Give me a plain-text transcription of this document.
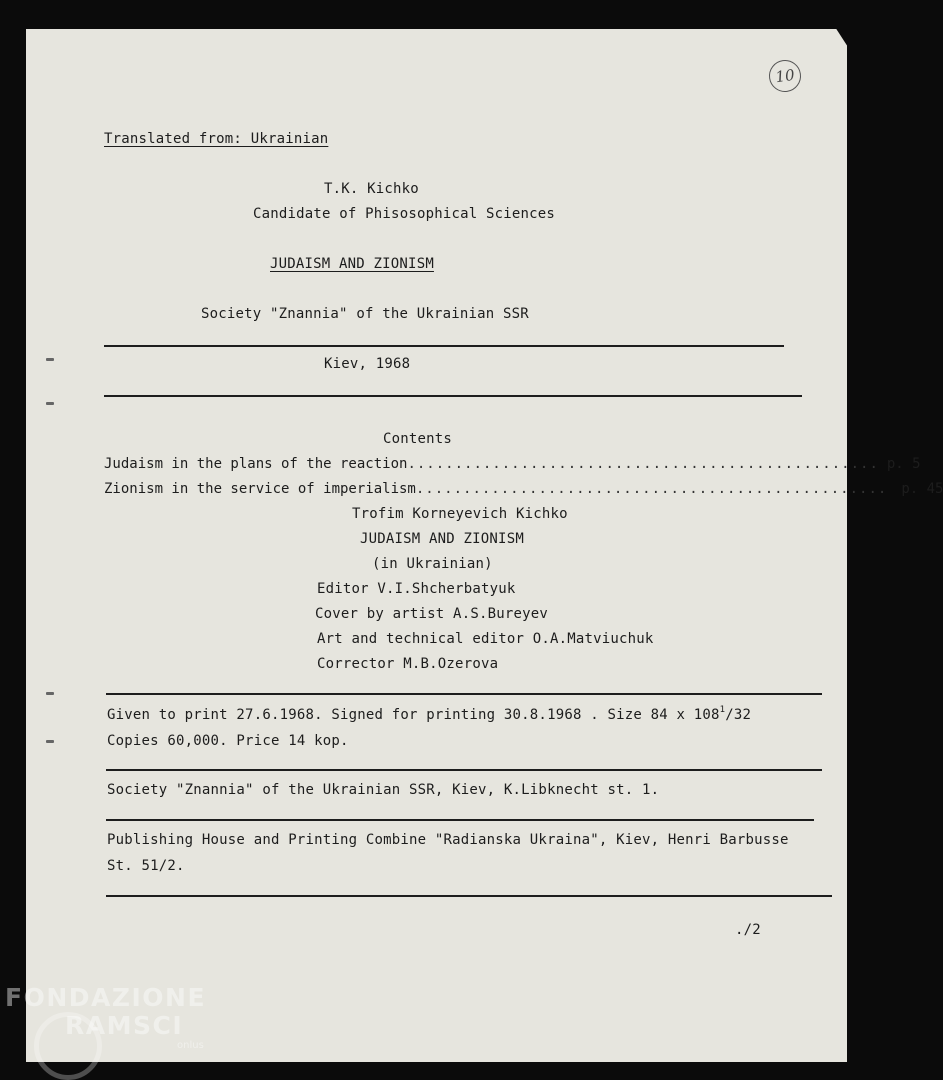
10
Translated from: Ukrainian
T.K. Kichko
Candidate of Phisosophical Sciences
JUDAISM AND ZIONISM
Society "Znannia" of the Ukrainian SSR
Kiev, 1968
Contents
Judaism in the plans of the reaction .................................................. p. 5
Zionism in the service of imperialism .................................................. p. 45
Trofim Korneyevich Kichko
JUDAISM AND ZIONISM
(in Ukrainian)
Editor V.I.Shcherbatyuk
Cover by artist A.S.Bureyev
Art and technical editor O.A.Matviuchuk
Corrector M.B.Ozerova
Given to print 27.6.1968. Signed for printing 30.8.1968 . Size 84 x $108^1/32$
Copies 60,000. Price 14 kop.
Society "Znannia" of the Ukrainian SSR, Kiev, K.Libknecht st. 1.
Publishing House and Printing Combine "Radianska Ukraina", Kiev, Henri Barbusse
St. 51/2.
./2
FONDAZIONE
RAMSCI
onlus
